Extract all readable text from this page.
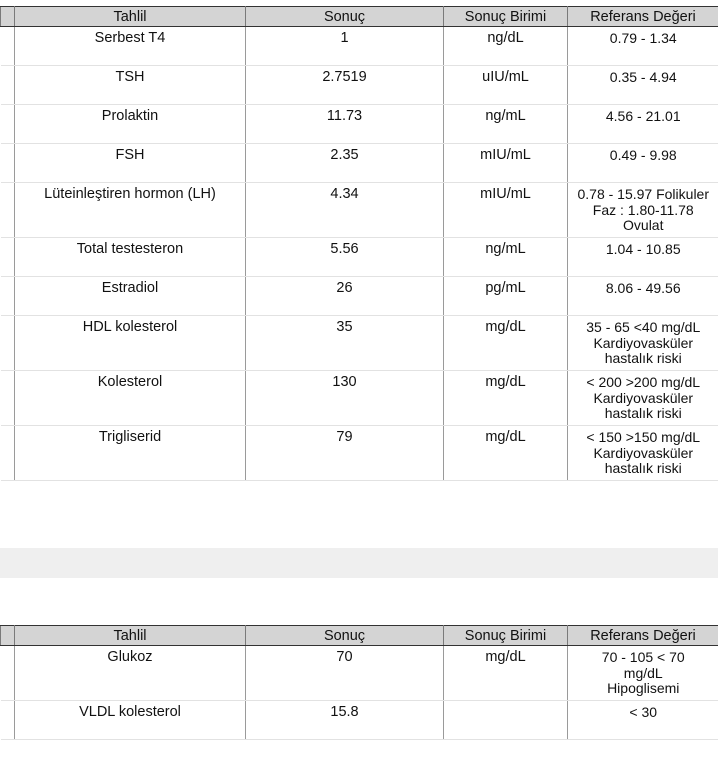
	Tahlil	Sonuç	Sonuç Birimi	Referans Değeri
	Serbest T4	1	ng/dL	0.79 - 1.34
	TSH	2.7519	uIU/mL	0.35 - 4.94
	Prolaktin	11.73	ng/mL	4.56 - 21.01
	FSH	2.35	mIU/mL	0.49 - 9.98
	Lüteinleştiren hormon (LH)	4.34	mIU/mL	0.78 - 15.97 Folikuler
Faz : 1.80-11.78
Ovulat
	Total testesteron	5.56	ng/mL	1.04 - 10.85
	Estradiol	26	pg/mL	8.06 - 49.56
	HDL kolesterol	35	mg/dL	35 - 65 <40 mg/dL
Kardiyovasküler
hastalık riski
	Kolesterol	130	mg/dL	< 200 >200 mg/dL
Kardiyovasküler
hastalık riski
	Trigliserid	79	mg/dL	< 150 >150 mg/dL
Kardiyovasküler
hastalık riski
	Tahlil	Sonuç	Sonuç Birimi	Referans Değeri
	Glukoz	70	mg/dL	70 - 105 < 70
mg/dL
Hipoglisemi
	VLDL kolesterol	15.8		< 30
